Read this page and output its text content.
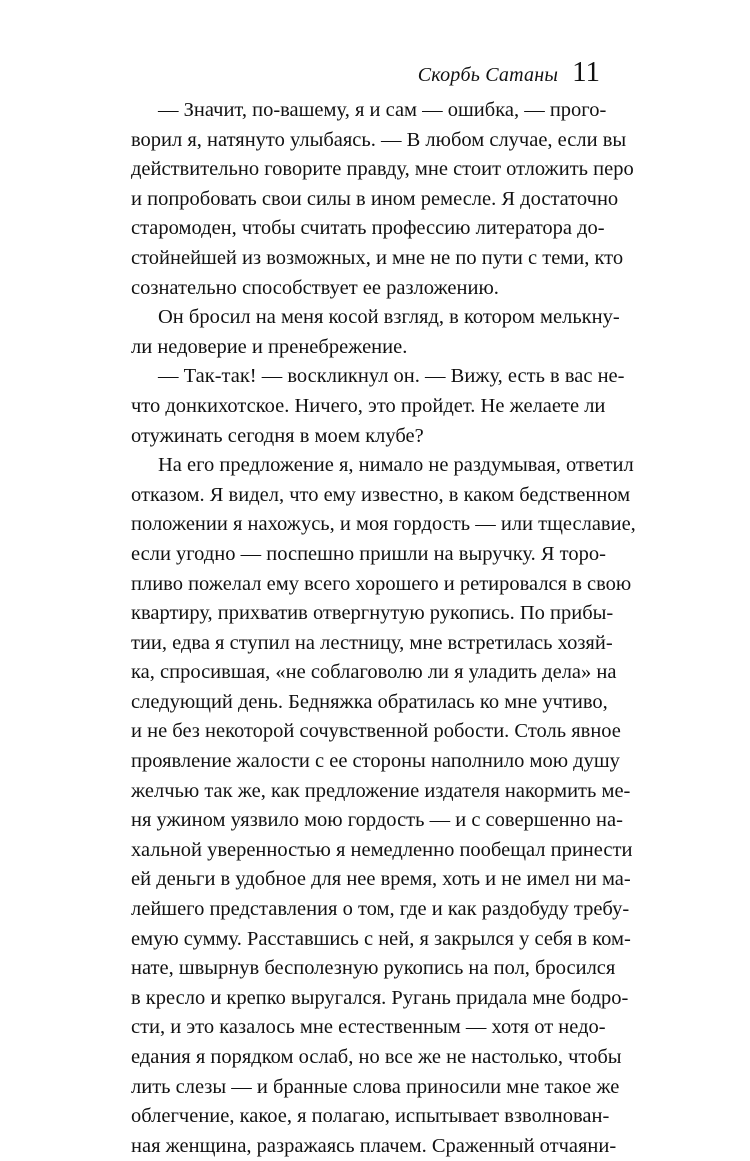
Скорбь Сатаны 11
— Значит, по-вашему, я и сам — ошибка, — прого-
ворил я, натянуто улыбаясь. — В любом случае, если вы
действительно говорите правду, мне стоит отложить перо
и попробовать свои силы в ином ремесле. Я достаточно
старомоден, чтобы считать профессию литератора до-
стойнейшей из возможных, и мне не по пути с теми, кто
сознательно способствует ее разложению.
Он бросил на меня косой взгляд, в котором мелькну-
ли недоверие и пренебрежение.
— Так-так! — воскликнул он. — Вижу, есть в вас не-
что донкихотское. Ничего, это пройдет. Не желаете ли
отужинать сегодня в моем клубе?
На его предложение я, нимало не раздумывая, ответил
отказом. Я видел, что ему известно, в каком бедственном
положении я нахожусь, и моя гордость — или тщеславие,
если угодно — поспешно пришли на выручку. Я торо-
пливо пожелал ему всего хорошего и ретировался в свою
квартиру, прихватив отвергнутую рукопись. По прибы-
тии, едва я ступил на лестницу, мне встретилась хозяй-
ка, спросившая, «не соблаговолю ли я уладить дела» на
следующий день. Бедняжка обратилась ко мне учтиво,
и не без некоторой сочувственной робости. Столь явное
проявление жалости с ее стороны наполнило мою душу
желчью так же, как предложение издателя накормить ме-
ня ужином уязвило мою гордость — и с совершенно на-
хальной уверенностью я немедленно пообещал принести
ей деньги в удобное для нее время, хоть и не имел ни ма-
лейшего представления о том, где и как раздобуду требу-
емую сумму. Расставшись с ней, я закрылся у себя в ком-
нате, швырнув бесполезную рукопись на пол, бросился
в кресло и крепко выругался. Ругань придала мне бодро-
сти, и это казалось мне естественным — хотя от недо-
едания я порядком ослаб, но все же не настолько, чтобы
лить слезы — и бранные слова приносили мне такое же
облегчение, какое, я полагаю, испытывает взволнован-
ная женщина, разражаясь плачем. Сраженный отчаяни-
